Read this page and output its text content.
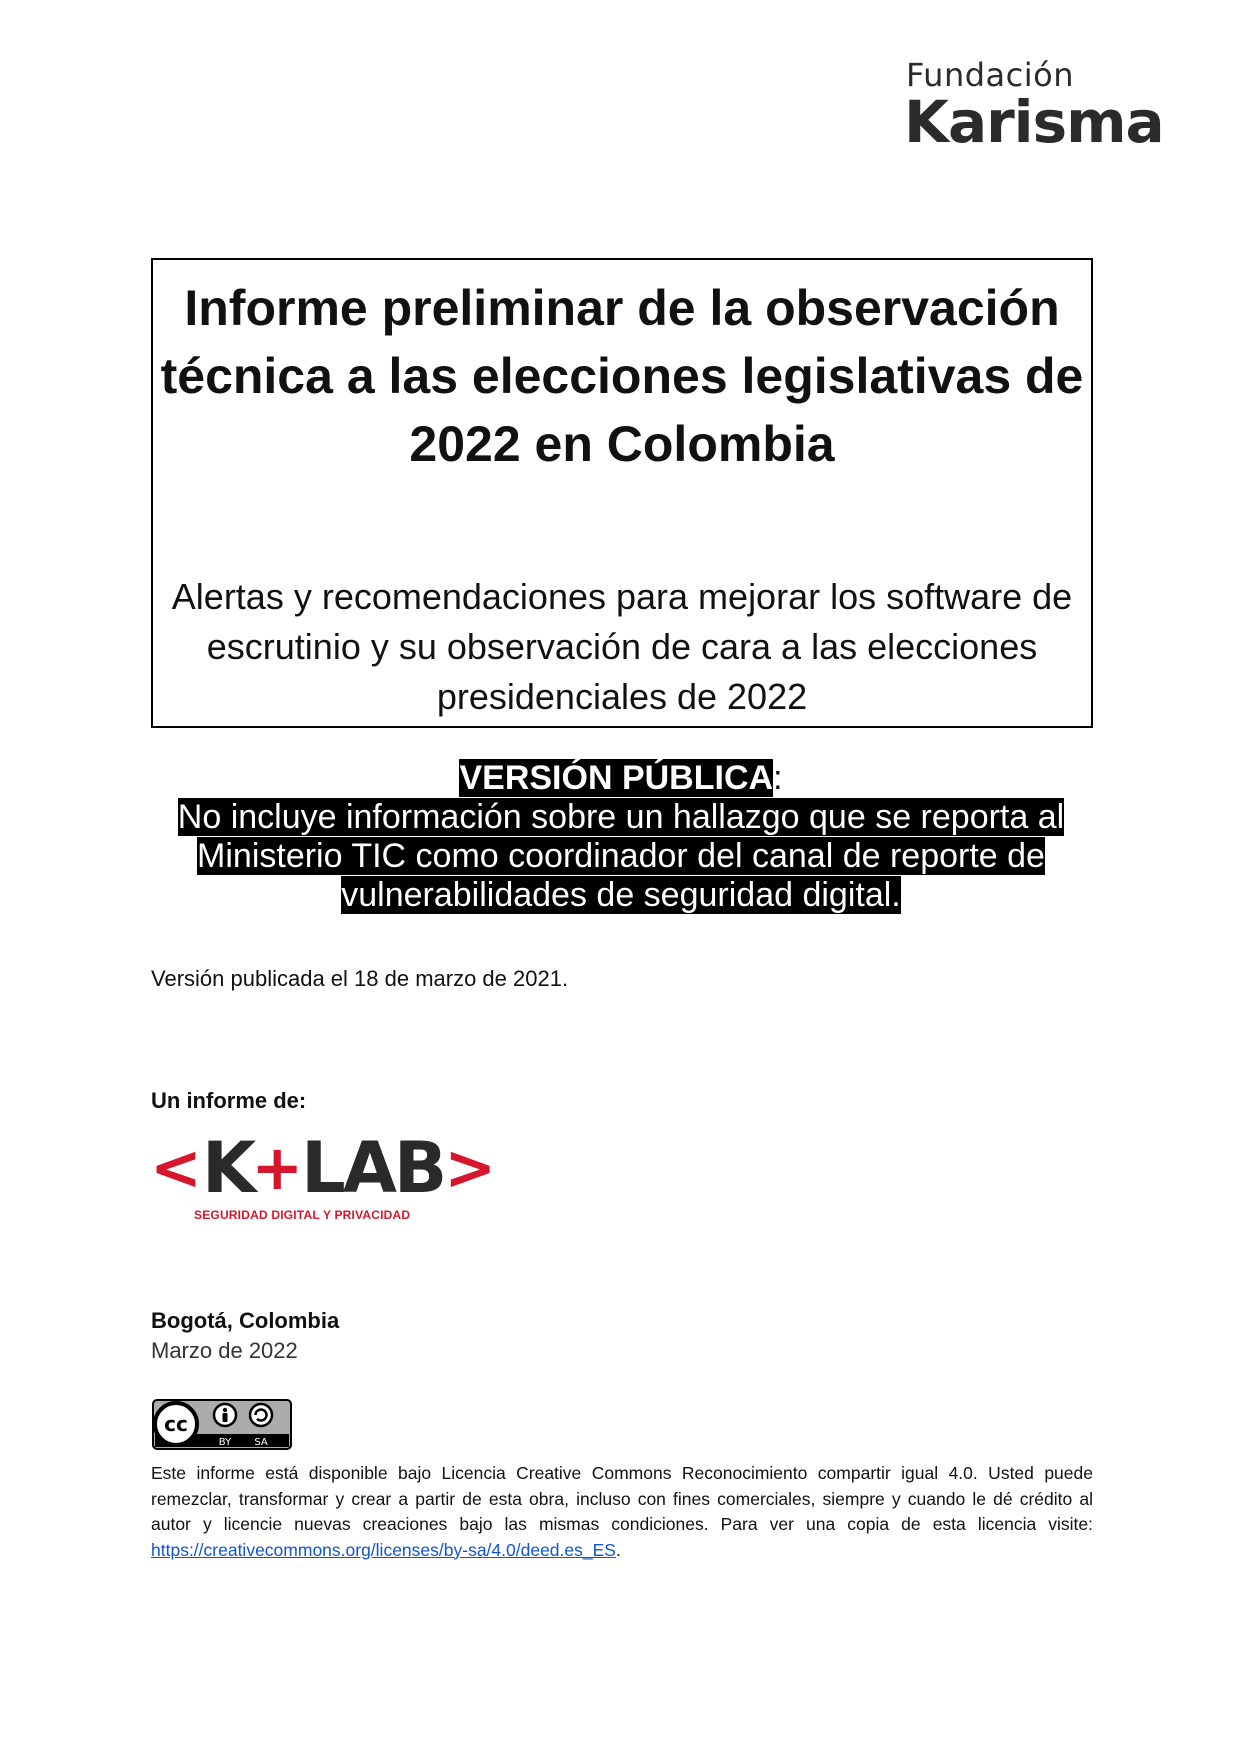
Fundación
Karisma
Informe preliminar de la observación técnica a las elecciones legislativas de 2022 en Colombia
Alertas y recomendaciones para mejorar los software de escrutinio y su observación de cara a las elecciones presidenciales de 2022
VERSIÓN PÚBLICA:
No incluye información sobre un hallazgo que se reporta al
Ministerio TIC como coordinador del canal de reporte de
vulnerabilidades de seguridad digital.
Versión publicada el 18 de marzo de 2021.
Un informe de:
< K
+
LAB >
SEGURIDAD DIGITAL Y PRIVACIDAD
Bogotá, Colombia
Marzo de 2022
cc
BY SA
Este informe está disponible bajo Licencia Creative Commons Reconocimiento compartir igual 4.0. Usted puede remezclar, transformar y crear a partir de esta obra, incluso con fines comerciales, siempre y cuando le dé crédito al autor y licencie nuevas creaciones bajo las mismas condiciones. Para ver una copia de esta licencia visite: https://creativecommons.org/licenses/by-sa/4.0/deed.es_ES.
